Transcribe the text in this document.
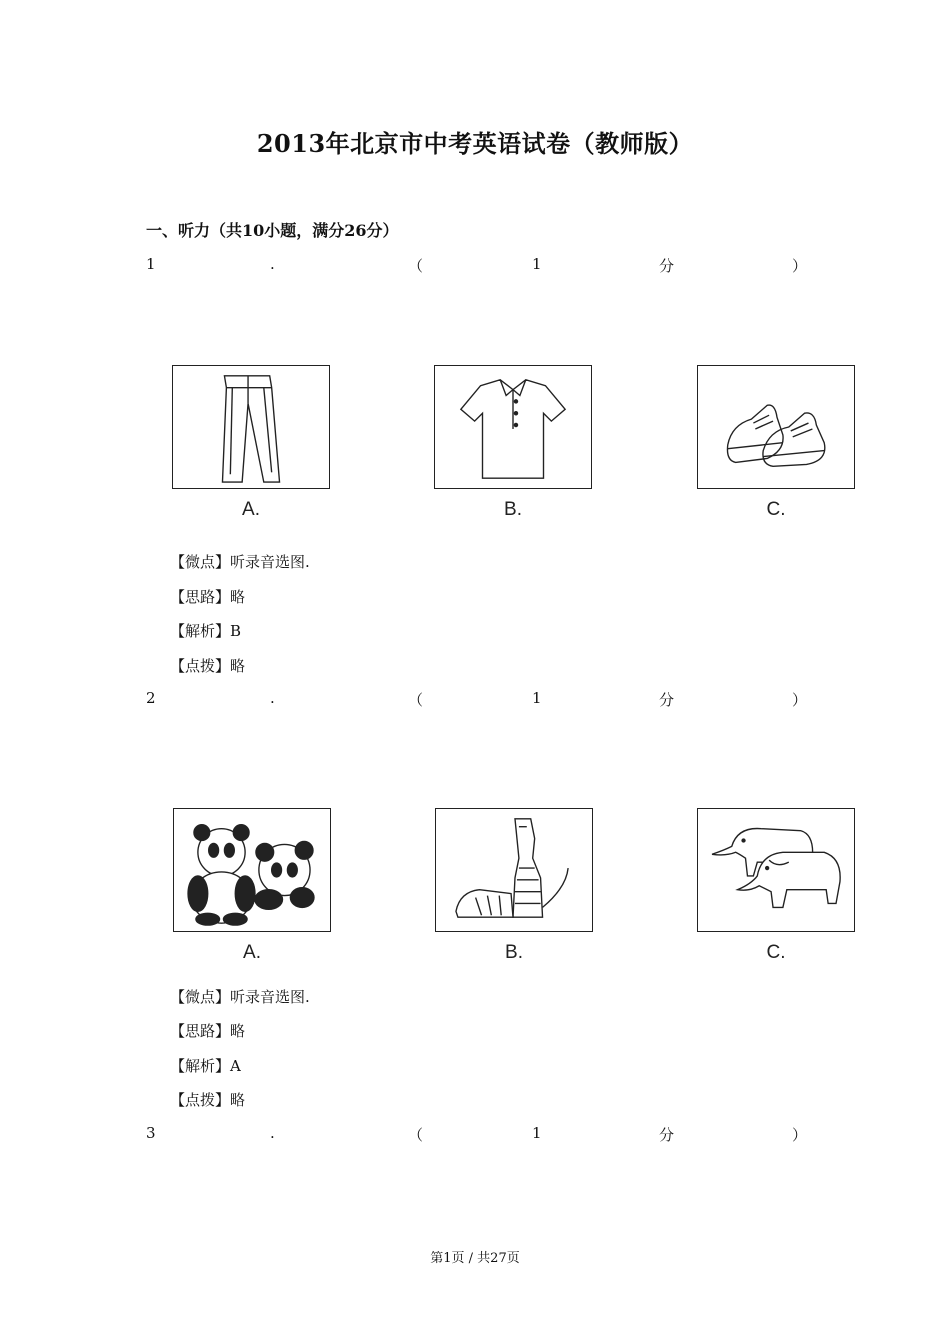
2013年北京市中考英语试卷（教师版）
一、听力（共10小题，满分26分）
1	.	（	1	分	）
A.	B.	C.
【微点】听录音选图.
【思路】略
【解析】B
【点拨】略
2	.	（	1	分	）
A.	B.	C.
【微点】听录音选图.
【思路】略
【解析】A
【点拨】略
3	.	（	1	分	）
第1页 / 共27页
